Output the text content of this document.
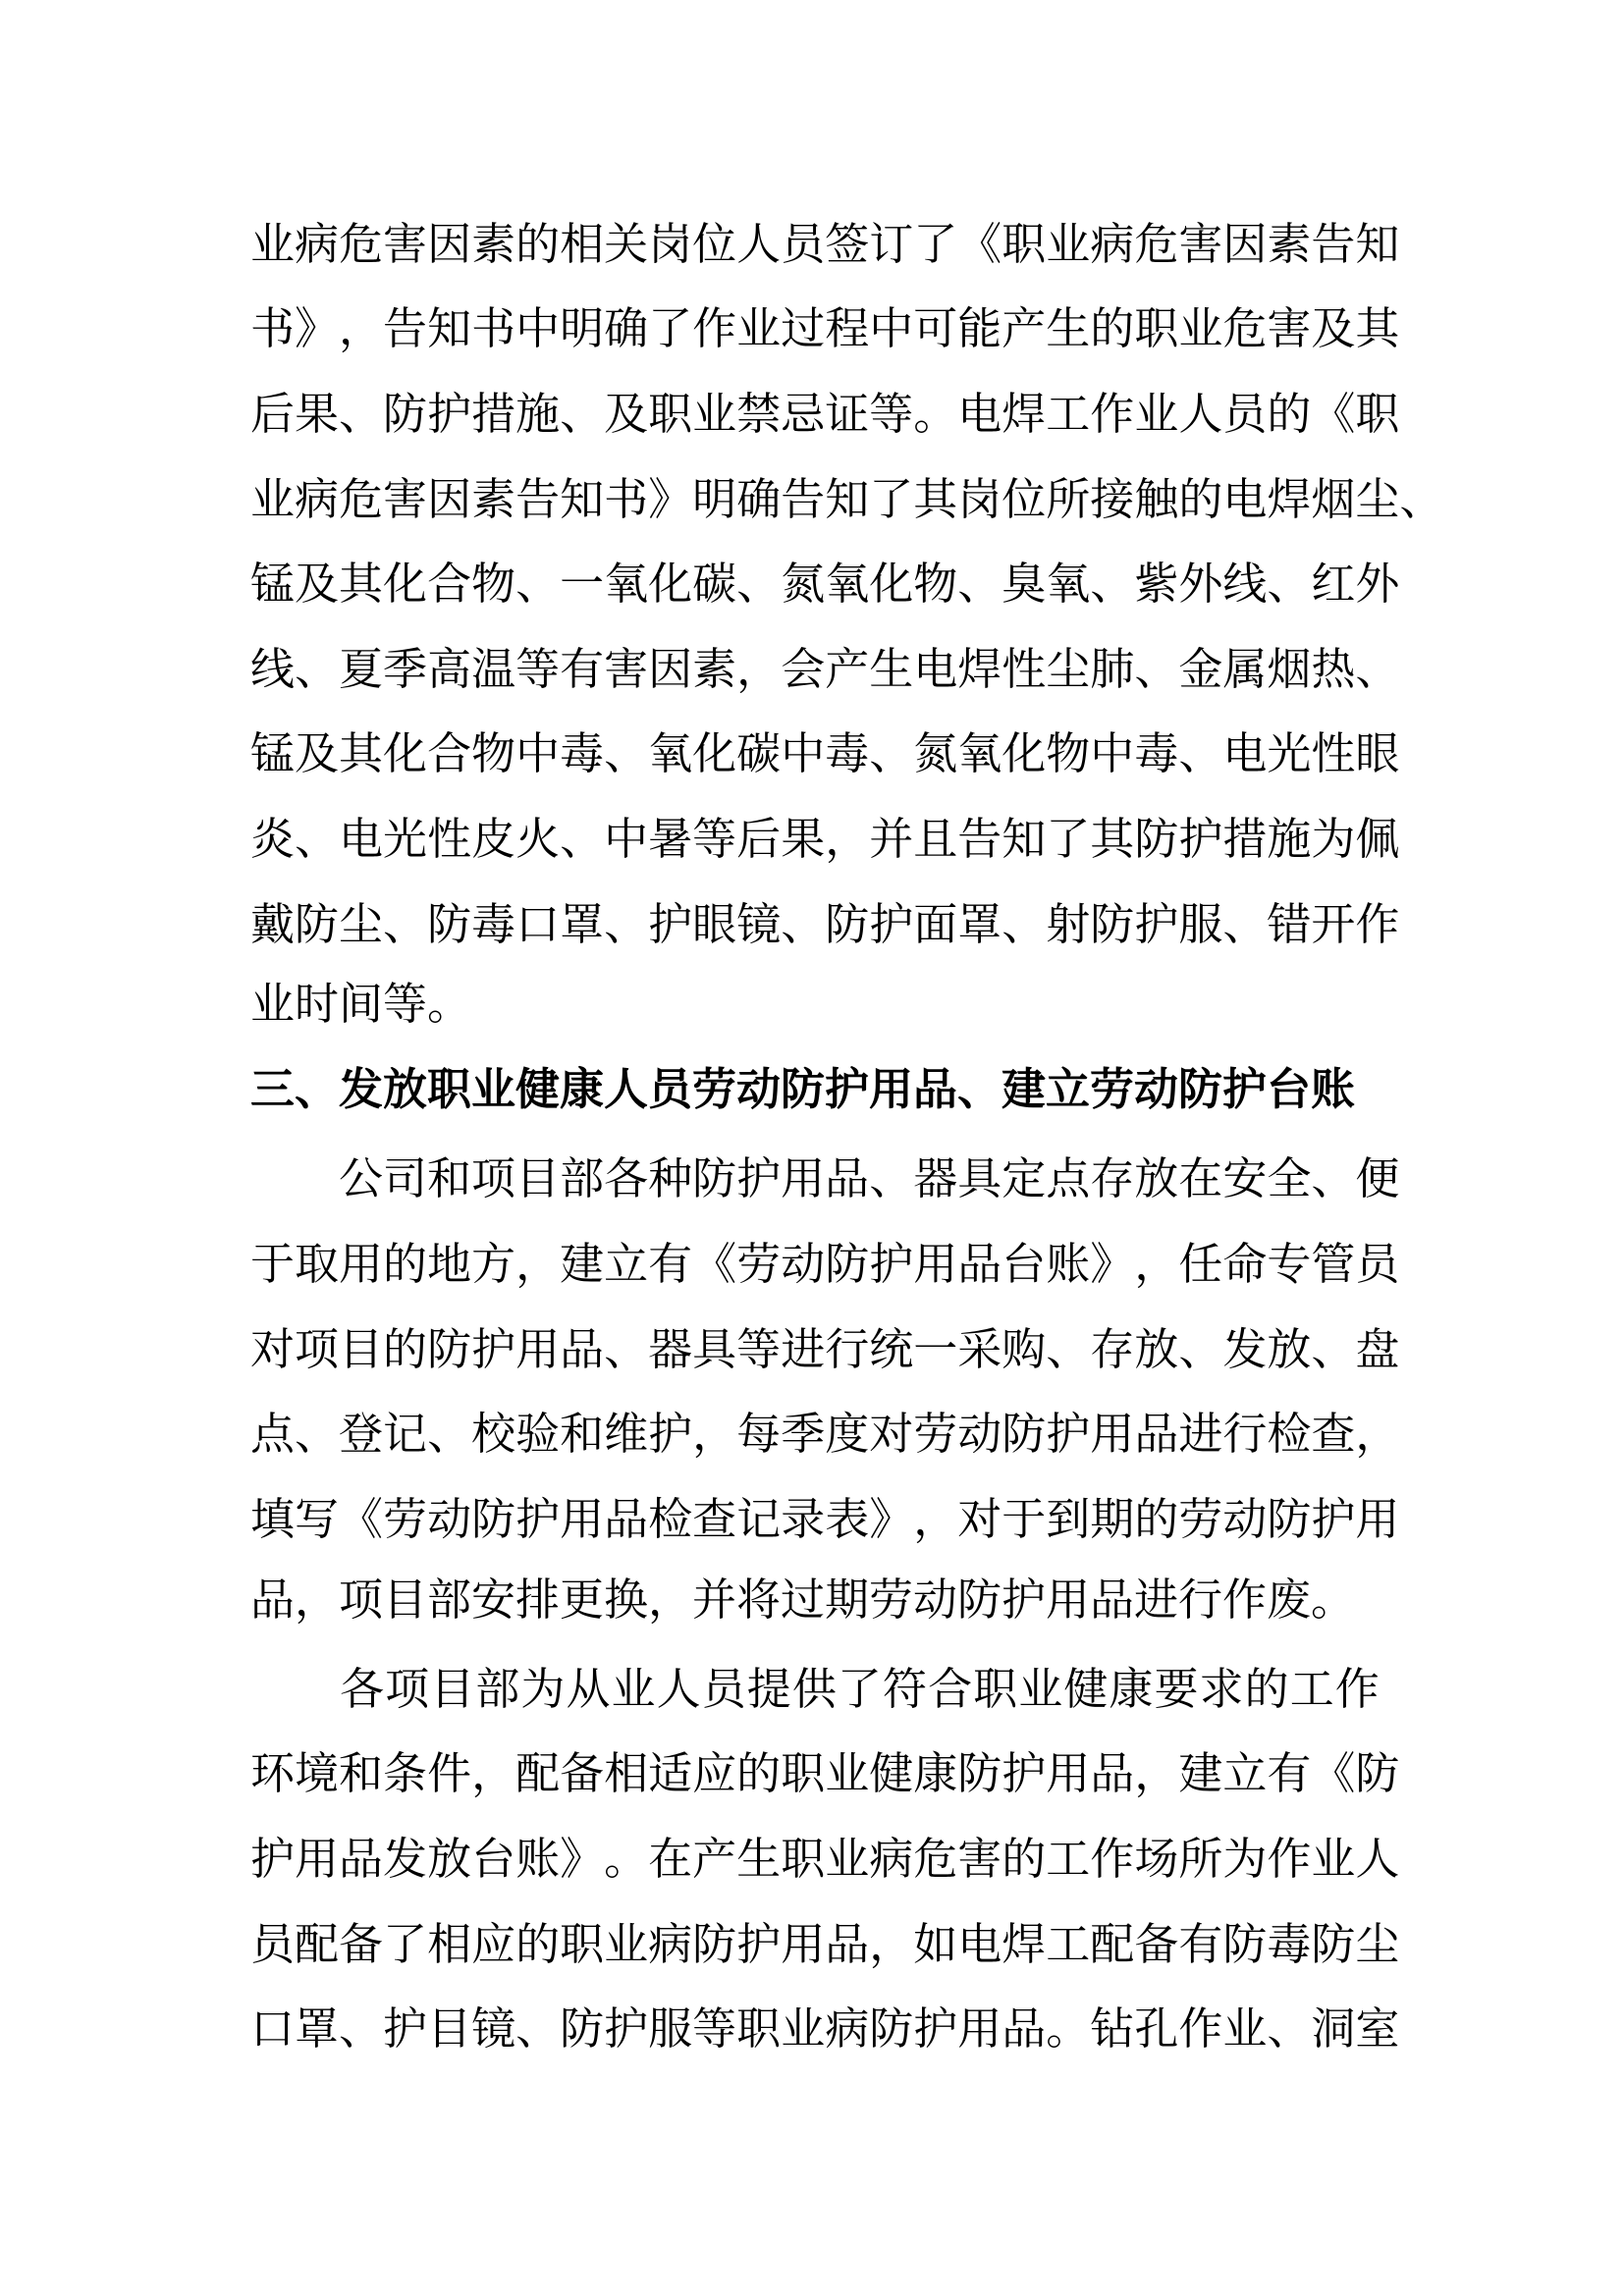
业 病 危 害 因 素 的 相 关 岗 位 人 员 签 订 了 《 职 业 病 危 害 因 素 告 知
书 》 ， 告 知 书 中 明 确 了 作 业 过 程 中 可 能 产 生 的 职 业 危 害 及 其
后 果 、 防 护 措 施 、 及 职 业 禁 忌 证 等 。 电 焊 工 作 业 人 员 的 《 职
业 病 危 害 因 素 告 知 书 》 明 确 告 知 了 其 岗 位 所 接 触 的 电 焊 烟 尘 、
锰 及 其 化 合 物 、 一 氧 化 碳 、 氮 氧 化 物 、 臭 氧 、 紫 外 线 、 红 外
线 、 夏 季 高 温 等 有 害 因 素 ， 会 产 生 电 焊 性 尘 肺 、 金 属 烟 热 、
锰 及 其 化 合 物 中 毒 、 氧 化 碳 中 毒 、 氮 氧 化 物 中 毒 、 电 光 性 眼
炎 、 电 光 性 皮 火 、 中 暑 等 后 果 ， 并 且 告 知 了 其 防 护 措 施 为 佩
戴 防 尘 、 防 毒 口 罩 、 护 眼 镜 、 防 护 面 罩 、 射 防 护 服 、 错 开 作
业时间等。
三、发放职业健康人员劳动防护用品、建立劳动防护台账
公 司 和 项 目 部 各 种 防 护 用 品 、 器 具 定 点 存 放 在 安 全 、 便
于 取 用 的 地 方 ， 建 立 有 《 劳 动 防 护 用 品 台 账 》 ， 任 命 专 管 员
对 项 目 的 防 护 用 品 、 器 具 等 进 行 统 一 采 购 、 存 放 、 发 放 、 盘
点 、 登 记 、 校 验 和 维 护 ， 每 季 度 对 劳 动 防 护 用 品 进 行 检 查 ，
填 写 《 劳 动 防 护 用 品 检 查 记 录 表 》 ， 对 于 到 期 的 劳 动 防 护 用
品，项目部安排更换，并将过期劳动防护用品进行作废。
各 项 目 部 为 从 业 人 员 提 供 了 符 合 职 业 健 康 要 求 的 工 作
环 境 和 条 件 ， 配 备 相 适 应 的 职 业 健 康 防 护 用 品 ， 建 立 有 《 防
护 用 品 发 放 台 账 》 。 在 产 生 职 业 病 危 害 的 工 作 场 所 为 作 业 人
员 配 备 了 相 应 的 职 业 病 防 护 用 品 ， 如 电 焊 工 配 备 有 防 毒 防 尘
口 罩 、 护 目 镜 、 防 护 服 等 职 业 病 防 护 用 品 。 钻 孔 作 业 、 洞 室
